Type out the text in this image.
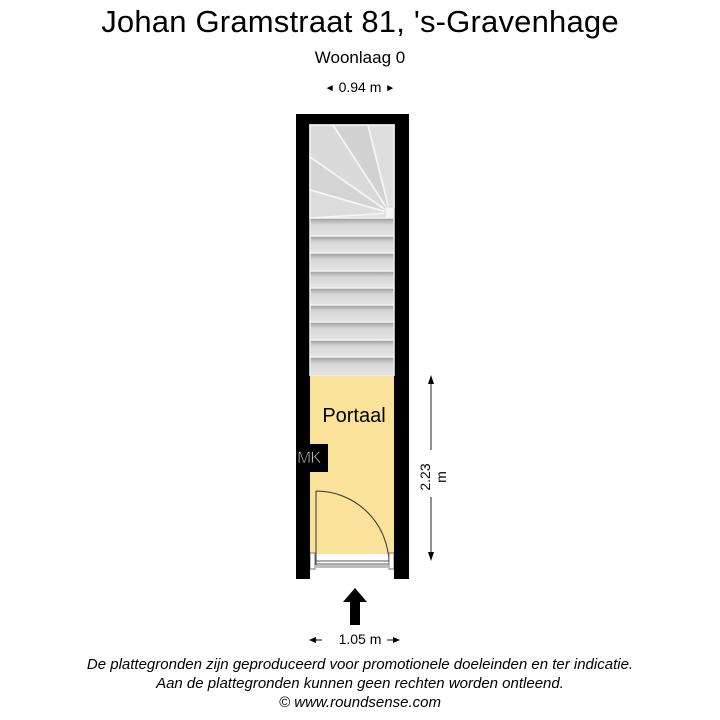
Johan Gramstraat 81, 's-Gravenhage
Woonlaag 0
◄ 0.94 m ►
Portaal
MK
2.23 m
1.05 m
De plattegronden zijn geproduceerd voor promotionele doeleinden en ter indicatie.
Aan de plattegronden kunnen geen rechten worden ontleend.
© www.roundsense.com
